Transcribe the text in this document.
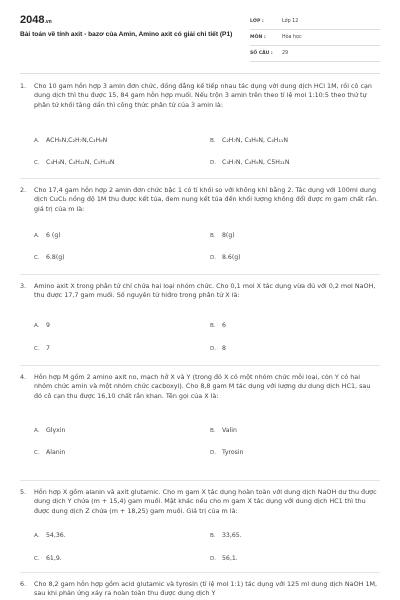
2048.vn
Bài toán về tính axit - bazơ của Amin, Amino axit có giải chi tiết (P1)
LỚP :	Lớp 12
MÔN :	Hóa học
SỐ CÂU :	29
1. Cho 10 gam hỗn hợp 3 amin đơn chức, đồng đẳng kế tiếp nhau tác dụng với dung dịch HCl 1M, rồi cô cạn dung dịch thì thu được 15, 84 gam hỗn hợp muối. Nếu trộn 3 amin trên theo tỉ lệ mol 1:10:5 theo thứ tự phân tử khối tăng dần thì công thức phân tử của 3 amin là:
A. ACH₅N,C₂H₇N,C₃H₉N	B. C₂H₇N, C₃H₉N, C₄H₁₁N
C. C₃H₉N, C₄H₁₁N, C₅H₁₃N	D. C₃H₇N, C₄H₉N, C5H₁₁N
2. Cho 17,4 gam hỗn hợp 2 amin đơn chức bậc 1 có tỉ khối so với không khí bằng 2. Tác dụng với 100ml dung dịch CuCl₂ nồng độ 1M thu được kết tủa, đem nung kết tủa đến khối lượng không đổi được m gam chất rắn. giá trị của m là:
A. 6 (g)	B. 8(g)
C. 6.8(g)	D. 8.6(g)
3. Amino axit X trong phân tử chỉ chứa hai loại nhóm chức. Cho 0,1 mol X tác dụng vừa đủ với 0,2 mol NaOH, thu được 17,7 gam muối. Số nguyên tử hiđro trong phân tử X là:
A. 9	B. 6
C. 7	D. 8
4. Hỗn hợp M gồm 2 amino axit no, mạch hở X và Y (trong đó X có một nhóm chức mỗi loại, còn Y có hai nhóm chức amin và một nhóm chức cacboxyl). Cho 8,8 gam M tác dụng với lượng dư dung dịch HC1, sau đó cô cạn thu được 16,10 chất rắn khan. Tên gọi của X là:
A. Glyxin	B. Valin
C. Alanin	D. Tyrosin
5. Hỗn hợp X gồm alanin và axit glutamic. Cho m gam X tác dụng hoàn toàn với dung dịch NaOH dư thu được dung dịch Y chứa (m + 15,4) gam muối. Mặt khác nếu cho m gam X tác dụng với dung dịch HC1 thì thu được dung dịch Z chứa (m + 18,25) gam muối. Giá trị của m là:
A. 54,36.	B. 33,65.
C. 61,9.	D. 56,1.
6. Cho 8,2 gam hỗn hợp gồm acid glutamic và tyrosin (tỉ lệ mol 1:1) tác dụng với 125 ml dung dịch NaOH 1M, sau khi phản ứng xảy ra hoàn toàn thu được dung dịch Y
